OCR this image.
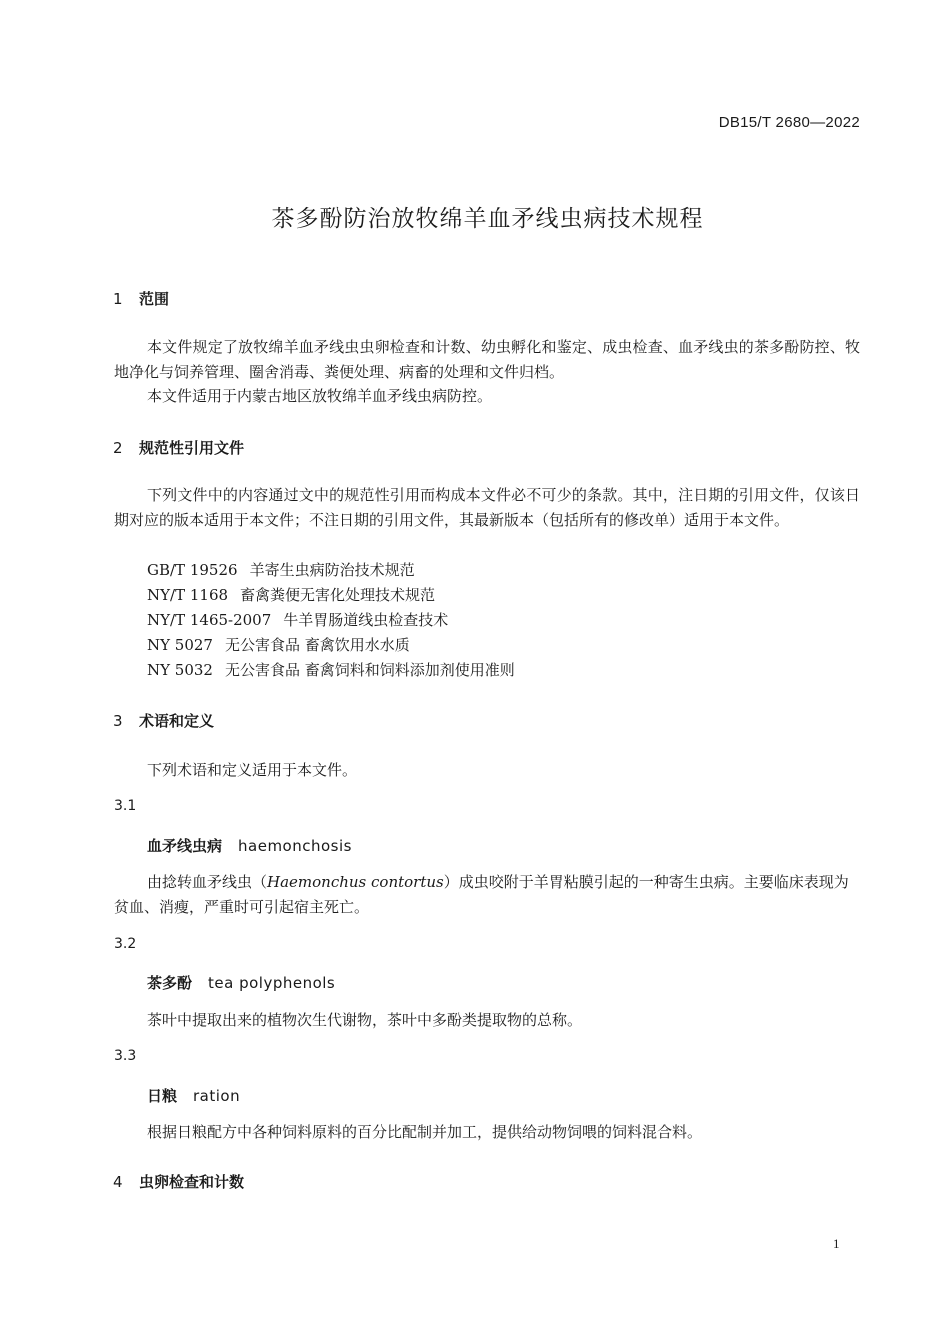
DB15/T 2680—2022
茶多酚防治放牧绵羊血矛线虫病技术规程
1 范围
本文件规定了放牧绵羊血矛线虫虫卵检查和计数、幼虫孵化和鉴定、成虫检查、血矛线虫的茶多酚防控、牧地净化与饲养管理、圈舍消毒、粪便处理、病畜的处理和文件归档。
本文件适用于内蒙古地区放牧绵羊血矛线虫病防控。
2 规范性引用文件
下列文件中的内容通过文中的规范性引用而构成本文件必不可少的条款。其中，注日期的引用文件，仅该日期对应的版本适用于本文件；不注日期的引用文件，其最新版本（包括所有的修改单）适用于本文件。
GB/T 19526 羊寄生虫病防治技术规范
NY/T 1168 畜禽粪便无害化处理技术规范
NY/T 1465-2007 牛羊胃肠道线虫检查技术
NY 5027 无公害食品 畜禽饮用水水质
NY 5032 无公害食品 畜禽饲料和饲料添加剂使用准则
3 术语和定义
下列术语和定义适用于本文件。
3.1
血矛线虫病 haemonchosis
由捻转血矛线虫（Haemonchus contortus）成虫咬附于羊胃粘膜引起的一种寄生虫病。主要临床表现为贫血、消瘦，严重时可引起宿主死亡。
3.2
茶多酚 tea polyphenols
茶叶中提取出来的植物次生代谢物，茶叶中多酚类提取物的总称。
3.3
日粮 ration
根据日粮配方中各种饲料原料的百分比配制并加工，提供给动物饲喂的饲料混合料。
4 虫卵检查和计数
1
